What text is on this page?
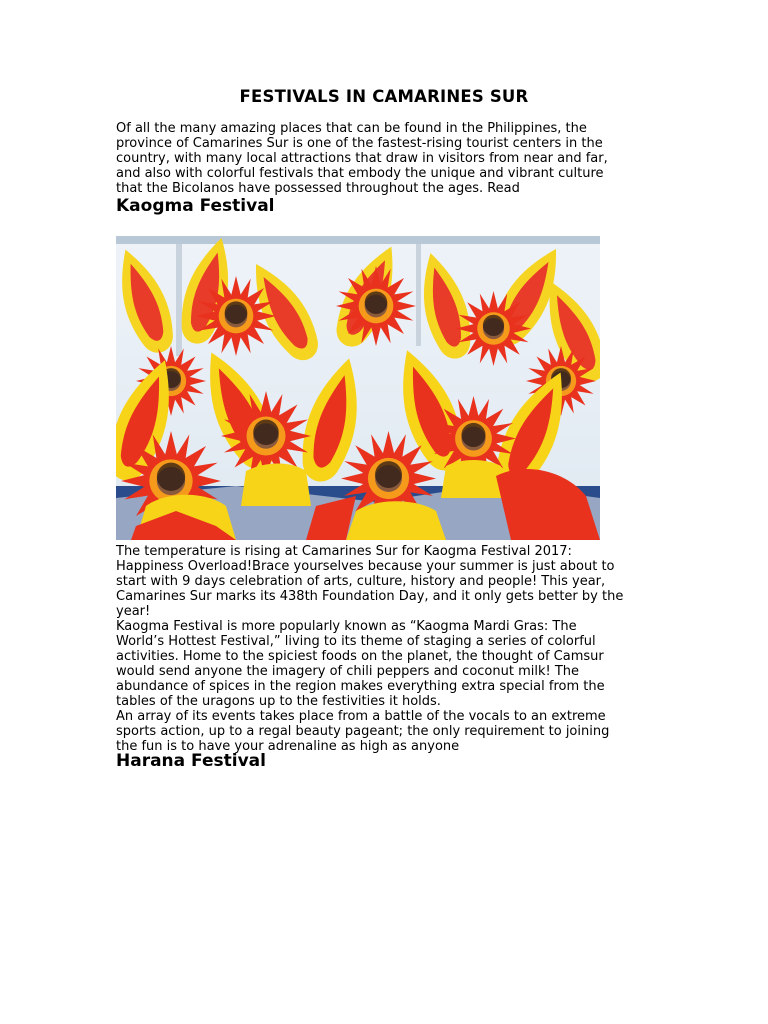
FESTIVALS IN CAMARINES SUR

Of all the many amazing places that can be found in the Philippines, the
province of Camarines Sur is one of the fastest-rising tourist centers in the
country, with many local attractions that draw in visitors from near and far,
and also with colorful festivals that embody the unique and vibrant culture
that the Bicolanos have possessed throughout the ages. Read

Kaogma Festival

The temperature is rising at Camarines Sur for Kaogma Festival 2017:
Happiness Overload!Brace yourselves because your summer is just about to
start with 9 days celebration of arts, culture, history and people! This year,
Camarines Sur marks its 438th Foundation Day, and it only gets better by the
year!
Kaogma Festival is more popularly known as “Kaogma Mardi Gras: The
World’s Hottest Festival,” living to its theme of staging a series of colorful
activities. Home to the spiciest foods on the planet, the thought of Camsur
would send anyone the imagery of chili peppers and coconut milk! The
abundance of spices in the region makes everything extra special from the
tables of the uragons up to the festivities it holds.
An array of its events takes place from a battle of the vocals to an extreme
sports action, up to a regal beauty pageant; the only requirement to joining
the fun is to have your adrenaline as high as anyone

Harana Festival
